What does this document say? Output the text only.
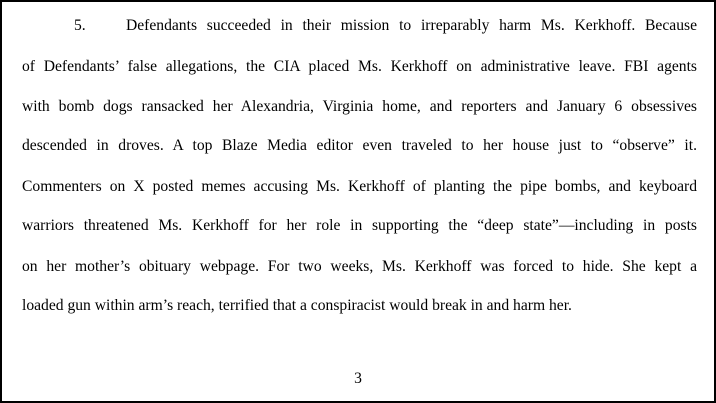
5.	Defendants succeeded in their mission to irreparably harm Ms. Kerkhoff. Because
of Defendants’ false allegations, the CIA placed Ms. Kerkhoff on administrative leave. FBI agents
with bomb dogs ransacked her Alexandria, Virginia home, and reporters and January 6 obsessives
descended in droves. A top Blaze Media editor even traveled to her house just to “observe” it.
Commenters on X posted memes accusing Ms. Kerkhoff of planting the pipe bombs, and keyboard
warriors threatened Ms. Kerkhoff for her role in supporting the “deep state”—including in posts
on her mother’s obituary webpage. For two weeks, Ms. Kerkhoff was forced to hide. She kept a
loaded gun within arm’s reach, terrified that a conspiracist would break in and harm her.
3
